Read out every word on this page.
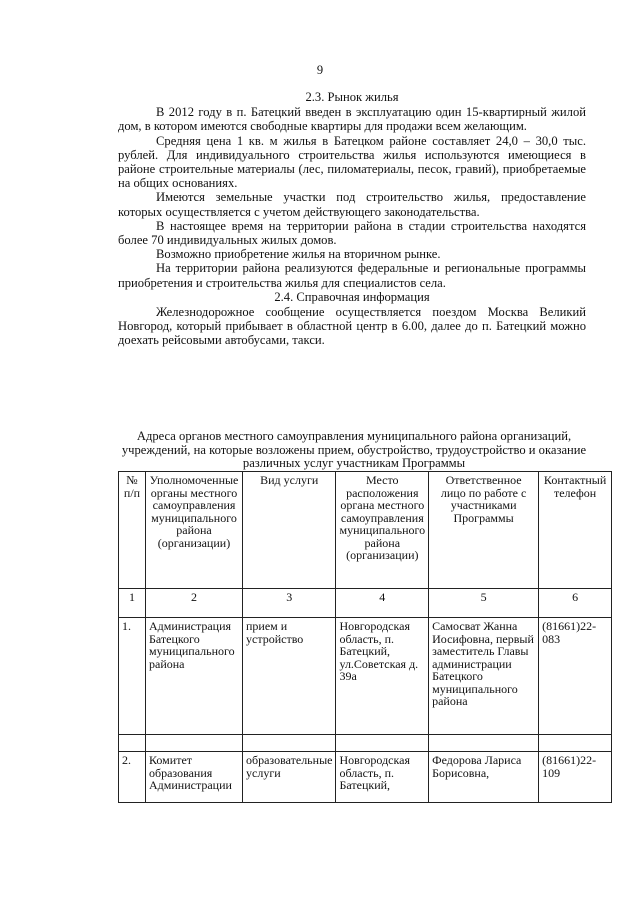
9
2.3. Рынок жилья

В 2012 году в п. Батецкий введен в эксплуатацию один 15-квартирный жилой дом, в котором имеются свободные квартиры для продажи всем желающим.

Средняя цена 1 кв. м жилья в Батецком районе составляет 24,0 – 30,0 тыс. рублей. Для индивидуального строительства жилья используются имеющиеся в районе строительные материалы (лес, пиломатериалы, песок, гравий), приобретаемые на общих основаниях.

Имеются земельные участки под строительство жилья, предоставление которых осуществляется с учетом действующего законодательства.

В настоящее время на территории района в стадии строительства находятся более 70 индивидуальных жилых домов.

Возможно приобретение жилья на вторичном рынке.

На территории района реализуются федеральные и региональные программы приобретения и строительства жилья для специалистов села.

2.4. Справочная информация

Железнодорожное сообщение осуществляется поездом Москва Великий Новгород, который прибывает в областной центр в 6.00, далее до п. Батецкий можно доехать рейсовыми автобусами, такси.

Адреса органов местного самоуправления муниципального района организаций, учреждений, на которые возложены прием, обустройство, трудоустройство и оказание различных услуг участникам Программы
№ п/п	Уполномоченные органы местного самоуправления муниципального района (организации)	Вид услуги	Место расположения органа местного самоуправления муниципального района (организации)	Ответственное лицо по работе с участниками Программы	Контактный телефон
1	2	3	4	5	6
1.	Администрация Батецкого муниципального района	прием и устройство	Новгородская область, п. Батецкий, ул.Советская д. 39а	Самосват Жанна Иосифовна, первый заместитель Главы администрации Батецкого муниципального района	(81661)22-083

2.	Комитет образования Администрации	образовательные услуги	Новгородская область, п. Батецкий,	Федорова Лариса Борисовна,	(81661)22-109
